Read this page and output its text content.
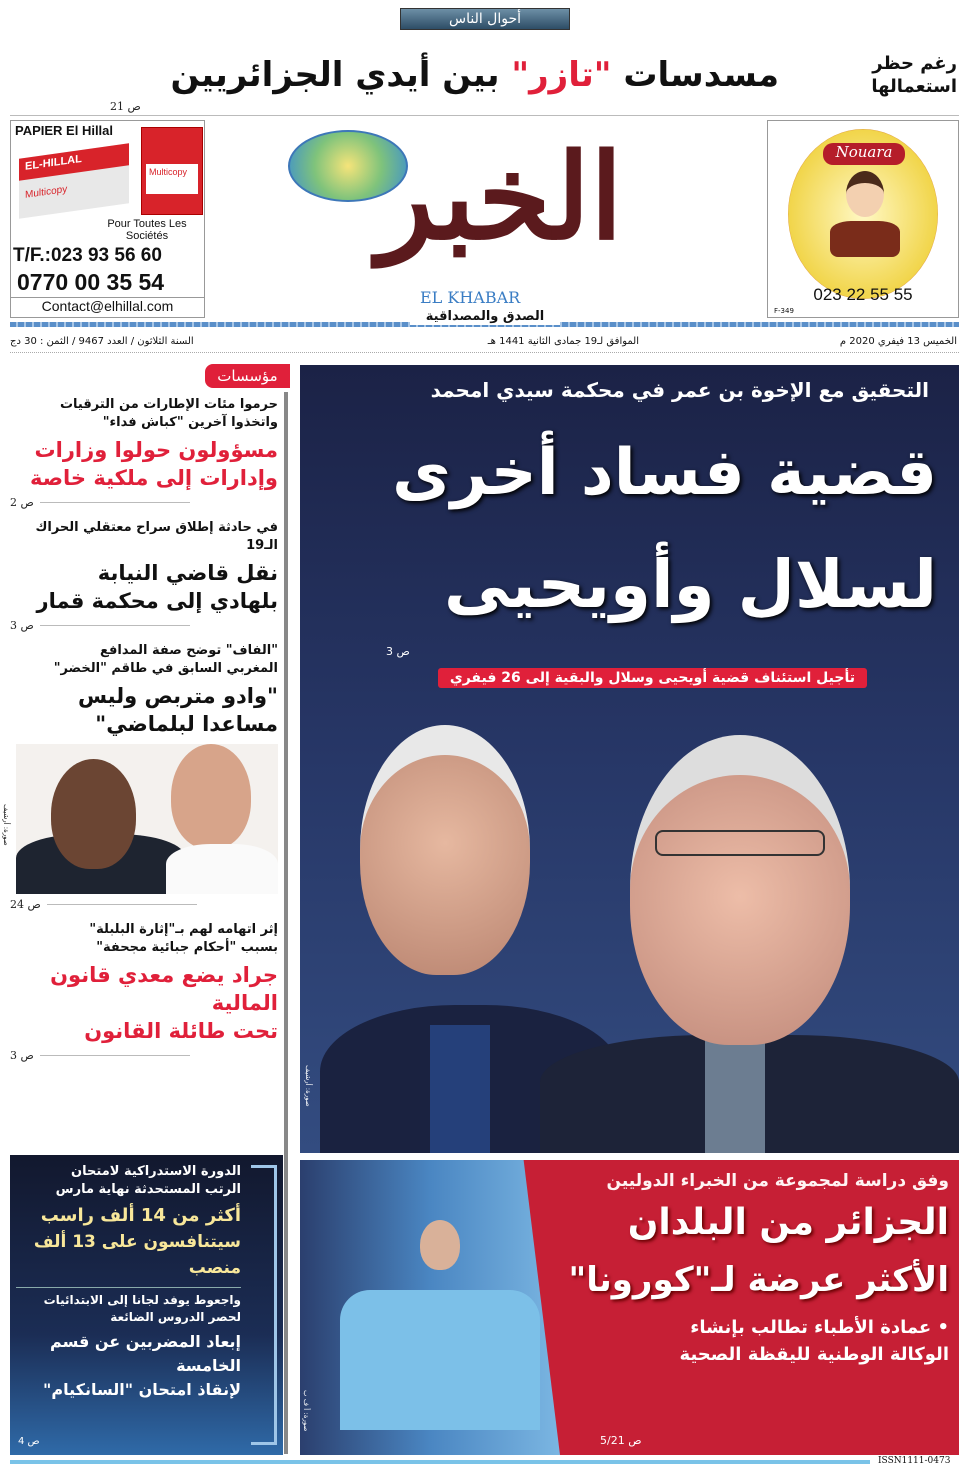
أحوال الناس
رغم حظر
استعمالها
مسدسات "تازر" بين أيدي الجزائريين
ص 21
PAPIER El Hillal
EL-HILLAL
Multicopy
Multicopy
Pour Toutes Les Sociétés
T/F.:023 93 56 60
0770 00 35 54
Contact@elhillal.com
الخبر
EL KHABAR
الصدق والمصداقية
Nouara
023 22 55 55
F-349
الخميس 13 فيفري 2020 م
الموافق لـ19 جمادى الثانية 1441 هـ
السنة الثلاثون / العدد 9467 / الثمن : 30 دج
مؤسسات
حرموا مئات الإطارات من الترقيات
واتخذوا آخرين "كباش فداء"
مسؤولون حولوا وزارات
وإدارات إلى ملكية خاصة
ص 2
في حادثة إطلاق سراح معتقلي الحراك الـ19
نقل قاضي النيابة
بلهادي إلى محكمة قمار
ص 3
"الفاف" توضح صفة المدافع
المغربي السابق في طاقم "الخضر"
"وادو متربص وليس
مساعدا لبلماضي"
صورة: أرشيف
ص 24
إثر اتهامه لهم بـ"إثارة البلبلة"
بسبب "أحكام جبائية مجحفة"
جراد يضع معدي قانون المالية
تحت طائلة القانون
ص 3
الدورة الاستدراكية لامتحان
الرتب المستحدثة نهاية مارس
أكثر من 14 ألف راسب
سيتنافسون على 13 ألف منصب
واجعوط يوفد لجانا إلى الابتدائيات
لحصر الدروس الضائعة
إبعاد المضربين عن قسم الخامسة
لإنقاذ امتحان "السانكيام"
ص 4
التحقيق مع الإخوة بن عمر في محكمة سيدي امحمد
قضية فساد أخرى
لسلال وأويحيى
ص 3
تأجيل استئناف قضية أويحيى وسلال والبقية إلى 26 فيفري
صورة: أرشيف
صورة: أ ف ب
وفق دراسة لمجموعة من الخبراء الدوليين
الجزائر من البلدان
الأكثر عرضة لـ"كورونا"
• عمادة الأطباء تطالب بإنشاء
الوكالة الوطنية لليقظة الصحية
ص 5/21
ISSN1111-0473
